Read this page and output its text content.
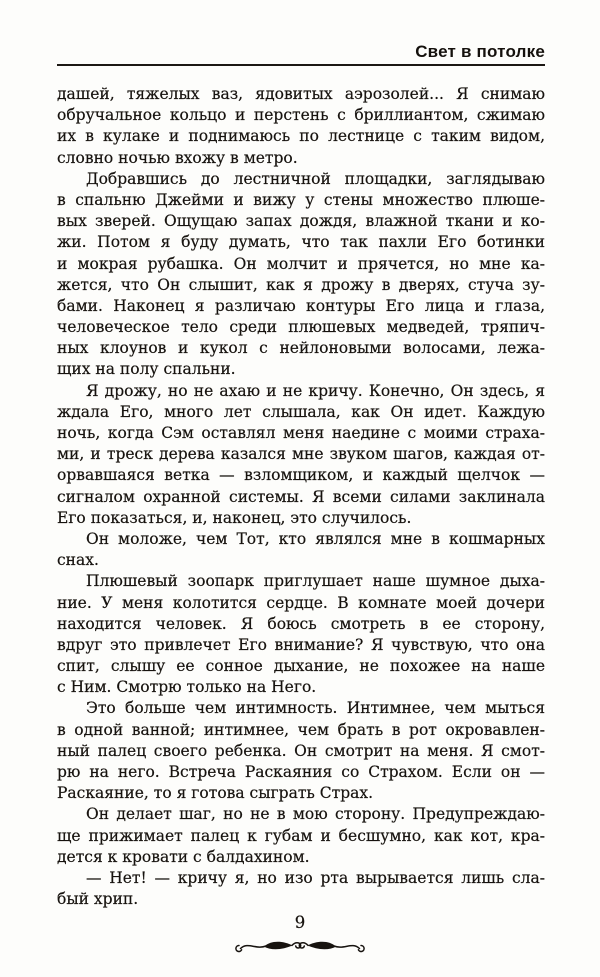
Свет в потолке
дашей, тяжелых ваз, ядовитых аэрозолей... Я снимаю
обручальное кольцо и перстень с бриллиантом, сжимаю
их в кулаке и поднимаюсь по лестнице с таким видом,
словно ночью вхожу в метро.
Добравшись до лестничной площадки, заглядываю
в спальню Джейми и вижу у стены множество плюше-
вых зверей. Ощущаю запах дождя, влажной ткани и ко-
жи. Потом я буду думать, что так пахли Его ботинки
и мокрая рубашка. Он молчит и прячется, но мне ка-
жется, что Он слышит, как я дрожу в дверях, стуча зу-
бами. Наконец я различаю контуры Его лица и глаза,
человеческое тело среди плюшевых медведей, тряпич-
ных клоунов и кукол с нейлоновыми волосами, лежа-
щих на полу спальни.
Я дрожу, но не ахаю и не кричу. Конечно, Он здесь, я
ждала Его, много лет слышала, как Он идет. Каждую
ночь, когда Сэм оставлял меня наедине с моими страха-
ми, и треск дерева казался мне звуком шагов, каждая от-
орвавшаяся ветка — взломщиком, и каждый щелчок —
сигналом охранной системы. Я всеми силами заклинала
Его показаться, и, наконец, это случилось.
Он моложе, чем Тот, кто являлся мне в кошмарных
снах.
Плюшевый зоопарк приглушает наше шумное дыха-
ние. У меня колотится сердце. В комнате моей дочери
находится человек. Я боюсь смотреть в ее сторону,
вдруг это привлечет Его внимание? Я чувствую, что она
спит, слышу ее сонное дыхание, не похожее на наше
с Ним. Смотрю только на Него.
Это больше чем интимность. Интимнее, чем мыться
в одной ванной; интимнее, чем брать в рот окровавлен-
ный палец своего ребенка. Он смотрит на меня. Я смот-
рю на него. Встреча Раскаяния со Страхом. Если он —
Раскаяние, то я готова сыграть Страх.
Он делает шаг, но не в мою сторону. Предупреждаю-
ще прижимает палец к губам и бесшумно, как кот, кра-
дется к кровати с балдахином.
— Нет! — кричу я, но изо рта вырывается лишь сла-
бый хрип.
9
